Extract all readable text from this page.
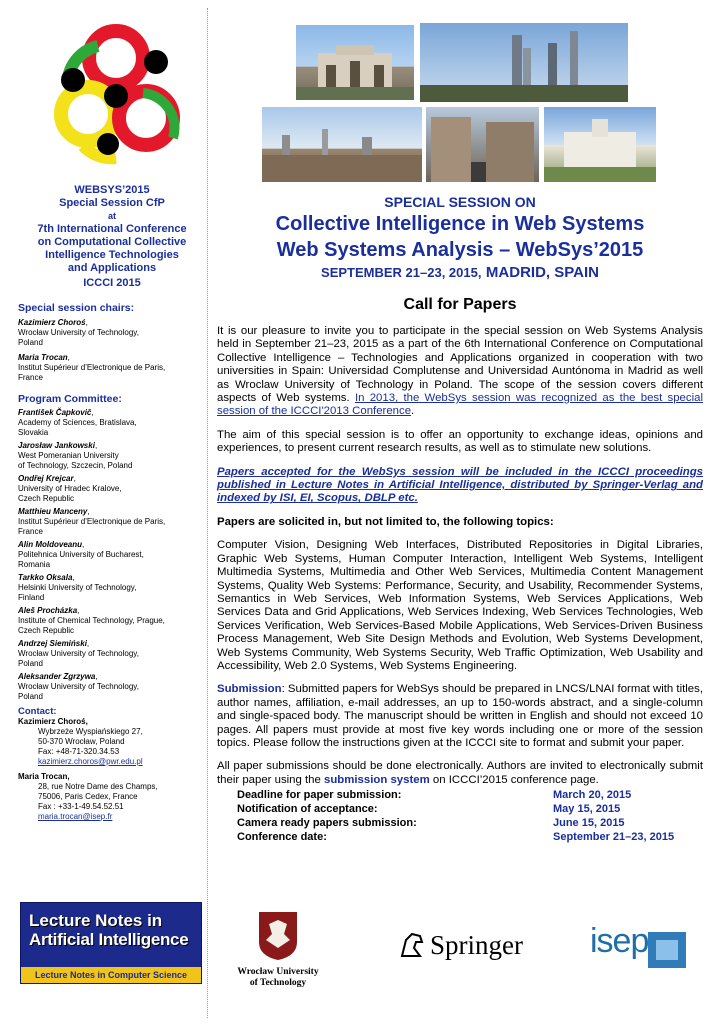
WEBSYS’2015
Special Session CfP
at
7th International Conference
on Computational Collective
Intelligence Technologies
and Applications
ICCCI 2015
Special session chairs:
Kazimierz Choroś,
Wrocław University of Technology,
Poland
Maria Trocan,
Institut Supérieur d’Electronique de Paris,
France
Program Committee:
František Čapkovič,
Academy of Sciences, Bratislava,
Slovakia
Jarosław Jankowski,
West Pomeranian University
of Technology, Szczecin, Poland
Ondřej Krejcar,
University of Hradec Kralove,
Czech Republic
Matthieu Manceny,
Institut Supérieur d’Electronique de Paris,
France
Alin Moldoveanu,
Politehnica University of Bucharest,
Romania
Tarkko Oksala,
Helsinki University of Technology,
Finland
Aleš Procházka,
Institute of Chemical Technology, Prague,
Czech Republic
Andrzej Siemiński,
Wrocław University of Technology,
Poland
Aleksander Zgrzywa,
Wrocław University of Technology,
Poland
Contact:
Kazimierz Choroś,
Wybrzeże Wyspiańskiego 27,
50-370 Wrocław, Poland
Fax: +48-71-320.34.53
kazimierz.choros@pwr.edu.pl
Maria Trocan,
28, rue Notre Dame des Champs,
75006, Paris Cedex, France
Fax : +33-1-49.54.52.51
maria.trocan@isep.fr
Lecture Notes in
Artificial Intelligence
Lecture Notes in Computer Science
SPECIAL SESSION ON
Collective Intelligence in Web Systems
Web Systems Analysis – WebSys’2015
SEPTEMBER 21–23, 2015, MADRID, SPAIN
Call for Papers

It is our pleasure to invite you to participate in the special session on Web Systems Analysis held in September 21–23, 2015 as a part of the 6th International Conference on Computational Collective Intelligence – Technologies and Applications organized in cooperation with two universities in Spain: Universidad Complutense and Universidad Auntónoma in Madrid as well as Wroclaw University of Technology in Poland. The scope of the session covers different aspects of Web systems. In 2013, the WebSys session was recognized as the best special session of the ICCCI'2013 Conference.

The aim of this special session is to offer an opportunity to exchange ideas, opinions and experiences, to present current research results, as well as to stimulate new solutions.

Papers accepted for the WebSys session will be included in the ICCCI proceedings published in Lecture Notes in Artificial Intelligence, distributed by Springer-Verlag and indexed by ISI, EI, Scopus, DBLP etc.

Papers are solicited in, but not limited to, the following topics:

Computer Vision, Designing Web Interfaces, Distributed Repositories in Digital Libraries, Graphic Web Systems, Human Computer Interaction, Intelligent Web Systems, Intelligent Multimedia Systems, Multimedia and Other Web Services, Multimedia Content Management Systems, Quality Web Systems: Performance, Security, and Usability, Recommender Systems, Semantics in Web Services, Web Information Systems, Web Services Applications, Web Services Data and Grid Applications, Web Services Indexing, Web Services Technologies, Web Services Verification, Web Services-Based Mobile Applications, Web Services-Driven Business Process Management, Web Site Design Methods and Evolution, Web Systems Development, Web Systems Community, Web Systems Security, Web Traffic Optimization, Web Usability and Accessibility, Web 2.0 Systems, Web Systems Engineering.

Submission: Submitted papers for WebSys should be prepared in LNCS/LNAI format with titles, author names, affiliation, e-mail addresses, an up to 150-words abstract, and a single-column and single-spaced body. The manuscript should be written in English and should not exceed 10 pages. All papers must provide at most five key words including one or more of the session topics. Please follow the instructions given at the ICCCI site to format and submit your paper.

All paper submissions should be done electronically. Authors are invited to electronically submit their paper using the submission system on ICCCI’2015 conference page.

Deadline for paper submission:	March 20, 2015
Notification of acceptance:	May 15, 2015
Camera ready papers submission:	June 15, 2015
Conference date:	September 21–23, 2015
Wrocław University
of Technology
Springer isep
